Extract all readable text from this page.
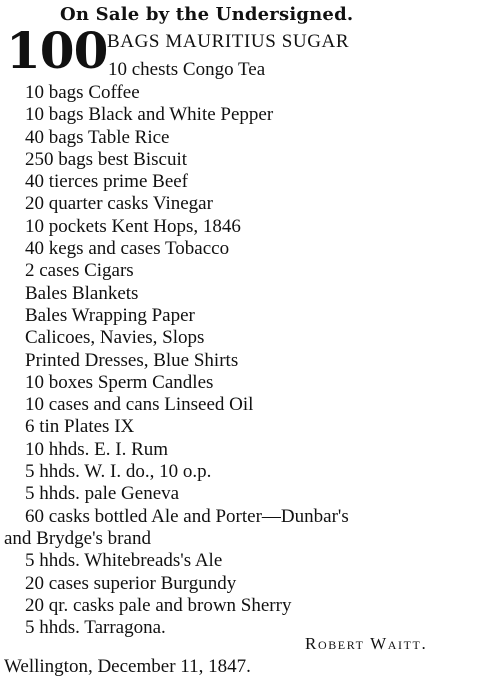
On Sale by the Undersigned.
100 BAGS MAURITIUS SUGAR
10 chests Congo Tea
10 bags Coffee
10 bags Black and White Pepper
40 bags Table Rice
250 bags best Biscuit
40 tierces prime Beef
20 quarter casks Vinegar
10 pockets Kent Hops, 1846
40 kegs and cases Tobacco
2 cases Cigars
Bales Blankets
Bales Wrapping Paper
Calicoes, Navies, Slops
Printed Dresses, Blue Shirts
10 boxes Sperm Candles
10 cases and cans Linseed Oil
6 tin Plates IX
10 hhds. E. I. Rum
5 hhds. W. I. do., 10 o.p.
5 hhds. pale Geneva
60 casks bottled Ale and Porter—Dunbar's
and Brydge's brand
5 hhds. Whitebreads's Ale
20 cases superior Burgundy
20 qr. casks pale and brown Sherry
5 hhds. Tarragona.
Robert Waitt.
Wellington, December 11, 1847.
